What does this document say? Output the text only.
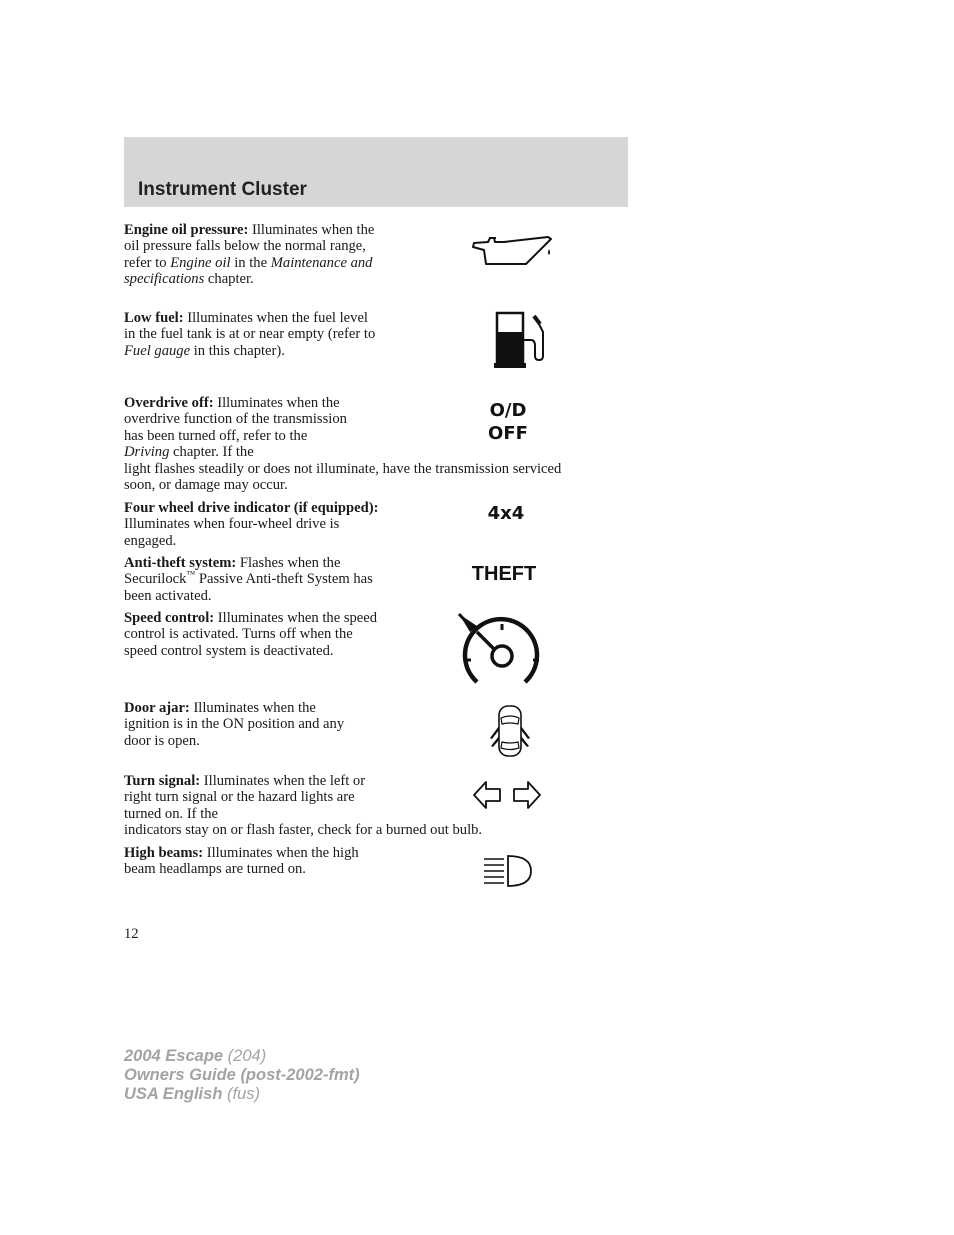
Instrument Cluster
Engine oil pressure: Illuminates when the oil pressure falls below the normal range, refer to Engine oil in the Maintenance and specifications chapter.
Low fuel: Illuminates when the fuel level in the fuel tank is at or near empty (refer to Fuel gauge in this chapter).
Overdrive off: Illuminates when the overdrive function of the transmission has been turned off, refer to the Driving chapter. If the
light flashes steadily or does not illuminate, have the transmission serviced soon, or damage may occur.
O/D
OFF
Four wheel drive indicator (if equipped): Illuminates when four-wheel drive is engaged.
4x4
Anti-theft system: Flashes when the Securilock™ Passive Anti-theft System has been activated.
THEFT
Speed control: Illuminates when the speed control is activated. Turns off when the speed control system is deactivated.
Door ajar: Illuminates when the ignition is in the ON position and any door is open.
Turn signal: Illuminates when the left or right turn signal or the hazard lights are turned on. If the
indicators stay on or flash faster, check for a burned out bulb.
High beams: Illuminates when the high beam headlamps are turned on.
12
2004 Escape (204)
Owners Guide (post-2002-fmt)
USA English (fus)
